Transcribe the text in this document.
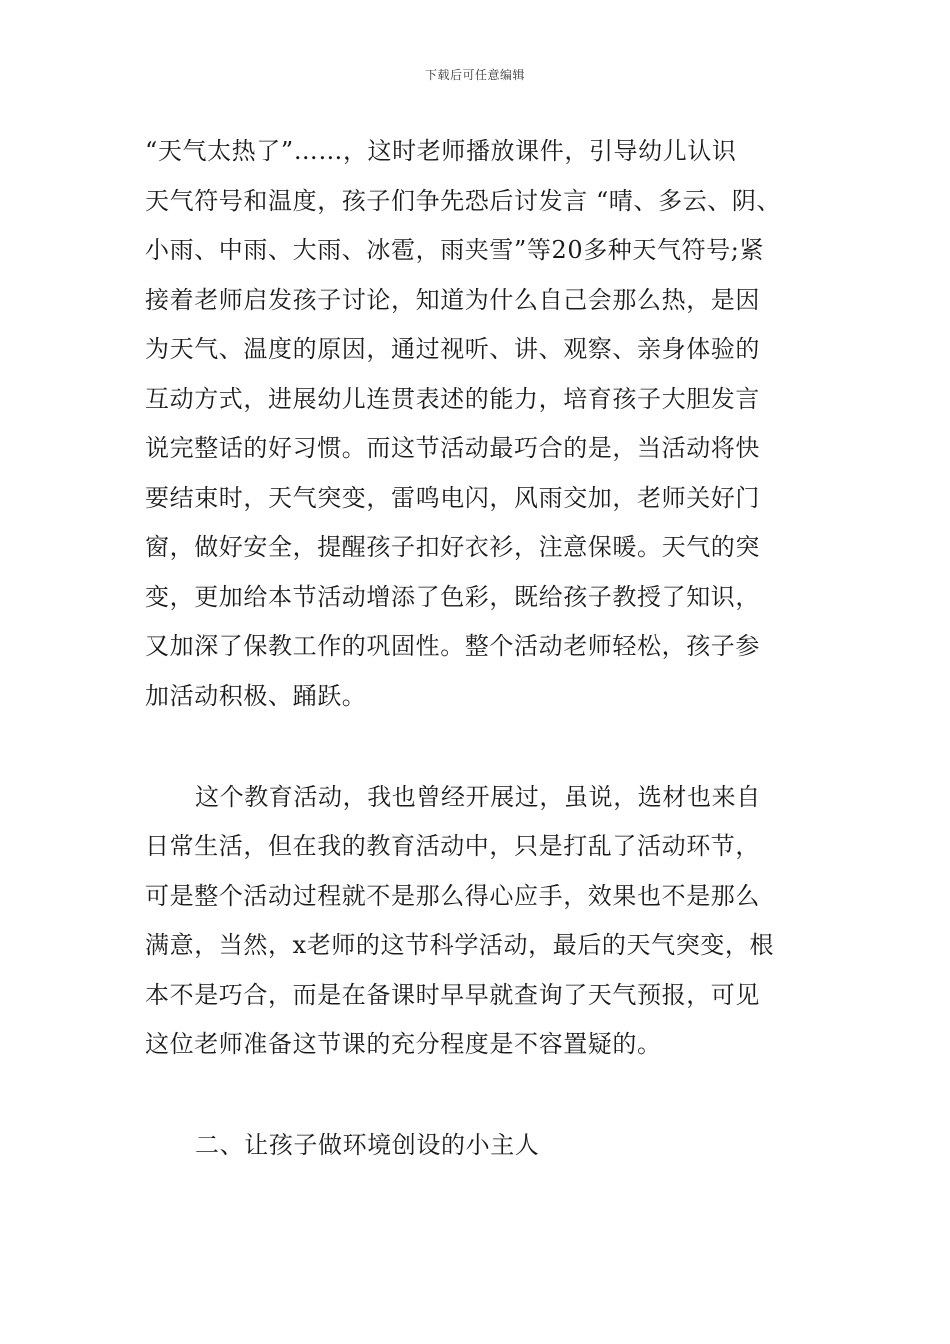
下载后可任意编辑
“天气太热了”……，这时老师播放课件，引导幼儿认识
天气符号和温度，孩子们争先恐后讨发言 “晴、多云、阴、
小雨、中雨、大雨、冰雹，雨夹雪”等20多种天气符号;紧
接着老师启发孩子讨论，知道为什么自己会那么热，是因
为天气、温度的原因，通过视听、讲、观察、亲身体验的
互动方式，进展幼儿连贯表述的能力，培育孩子大胆发言
说完整话的好习惯。而这节活动最巧合的是，当活动将快
要结束时，天气突变，雷鸣电闪，风雨交加，老师关好门
窗，做好安全，提醒孩子扣好衣衫，注意保暖。天气的突
变，更加给本节活动增添了色彩，既给孩子教授了知识，
又加深了保教工作的巩固性。整个活动老师轻松，孩子参
加活动积极、踊跃。
这个教育活动，我也曾经开展过，虽说，选材也来自
日常生活，但在我的教育活动中，只是打乱了活动环节，
可是整个活动过程就不是那么得心应手，效果也不是那么
满意，当然，x老师的这节科学活动，最后的天气突变，根
本不是巧合，而是在备课时早早就查询了天气预报，可见
这位老师准备这节课的充分程度是不容置疑的。
二、让孩子做环境创设的小主人
